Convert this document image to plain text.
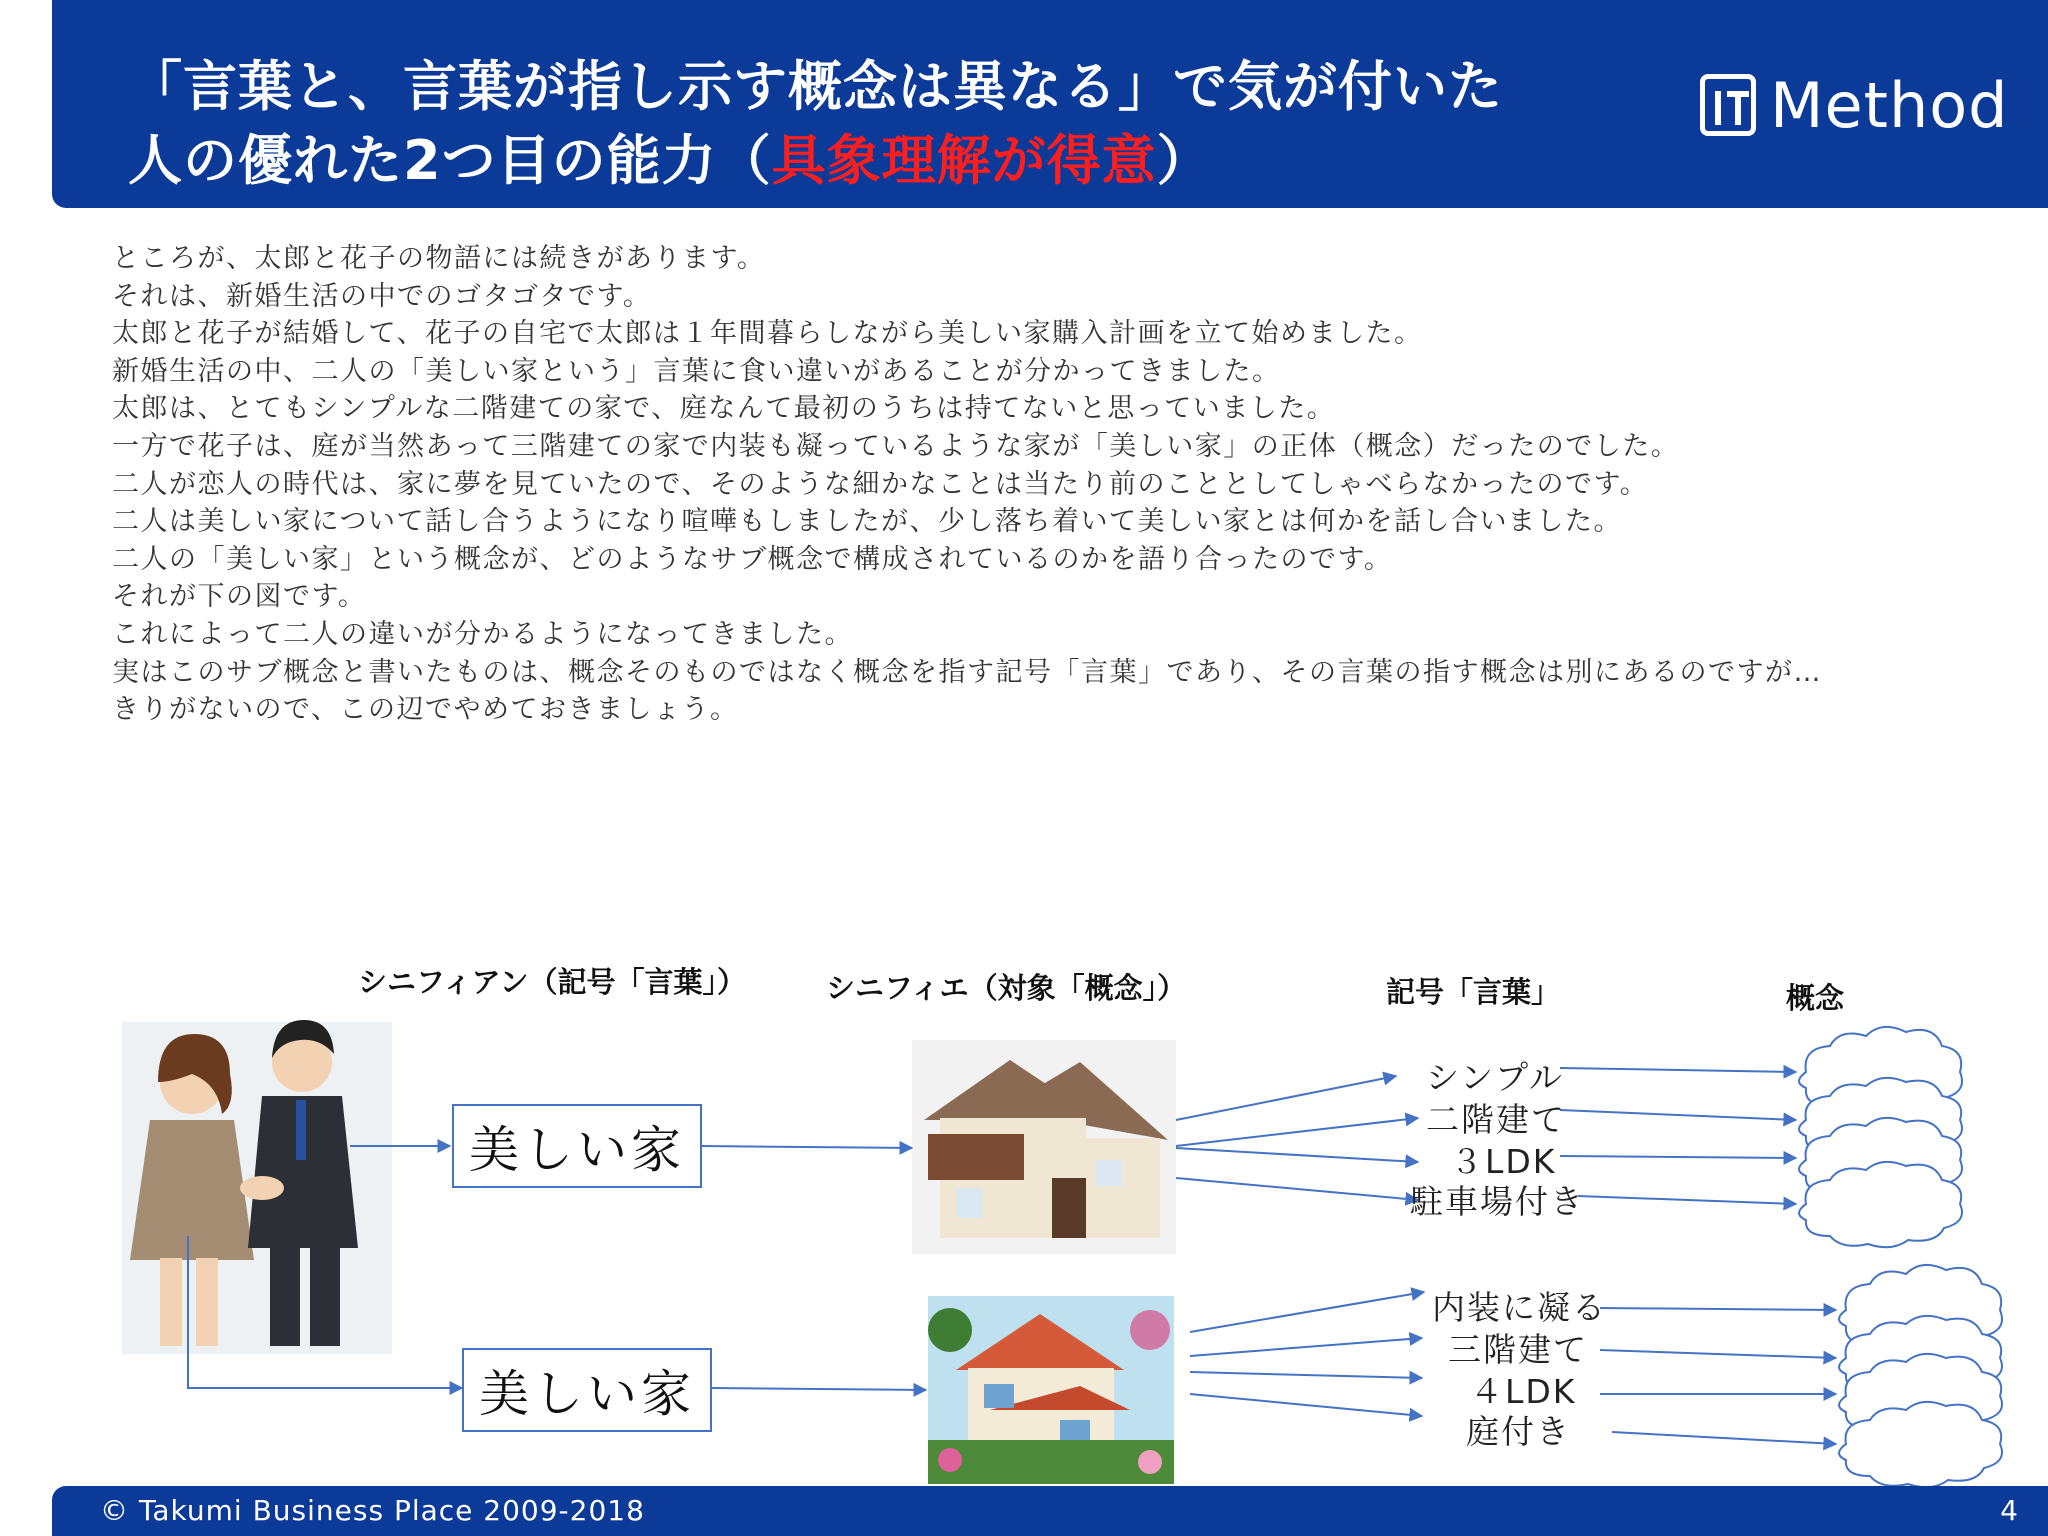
「言葉と、言葉が指し示す概念は異なる」で気が付いた
人の優れた2つ目の能力（具象理解が得意）
Method
ところが、太郎と花子の物語には続きがあります。
それは、新婚生活の中でのゴタゴタです。
太郎と花子が結婚して、花子の自宅で太郎は１年間暮らしながら美しい家購入計画を立て始めました。
新婚生活の中、二人の「美しい家という」言葉に食い違いがあることが分かってきました。
太郎は、とてもシンプルな二階建ての家で、庭なんて最初のうちは持てないと思っていました。
一方で花子は、庭が当然あって三階建ての家で内装も凝っているような家が「美しい家」の正体（概念）だったのでした。
二人が恋人の時代は、家に夢を見ていたので、そのような細かなことは当たり前のこととしてしゃべらなかったのです。
二人は美しい家について話し合うようになり喧嘩もしましたが、少し落ち着いて美しい家とは何かを話し合いました。
二人の「美しい家」という概念が、どのようなサブ概念で構成されているのかを語り合ったのです。
それが下の図です。
これによって二人の違いが分かるようになってきました。
実はこのサブ概念と書いたものは、概念そのものではなく概念を指す記号「言葉」であり、その言葉の指す概念は別にあるのですが…
きりがないので、この辺でやめておきましょう。
シニフィアン（記号「言葉」）	シニフィエ（対象「概念」）	記号「言葉」	概念
美しい家
美しい家
シンプル
二階建て
３LDK
駐車場付き
内装に凝る
三階建て
４LDK
庭付き
© Takumi Business Place 2009-2018	4
